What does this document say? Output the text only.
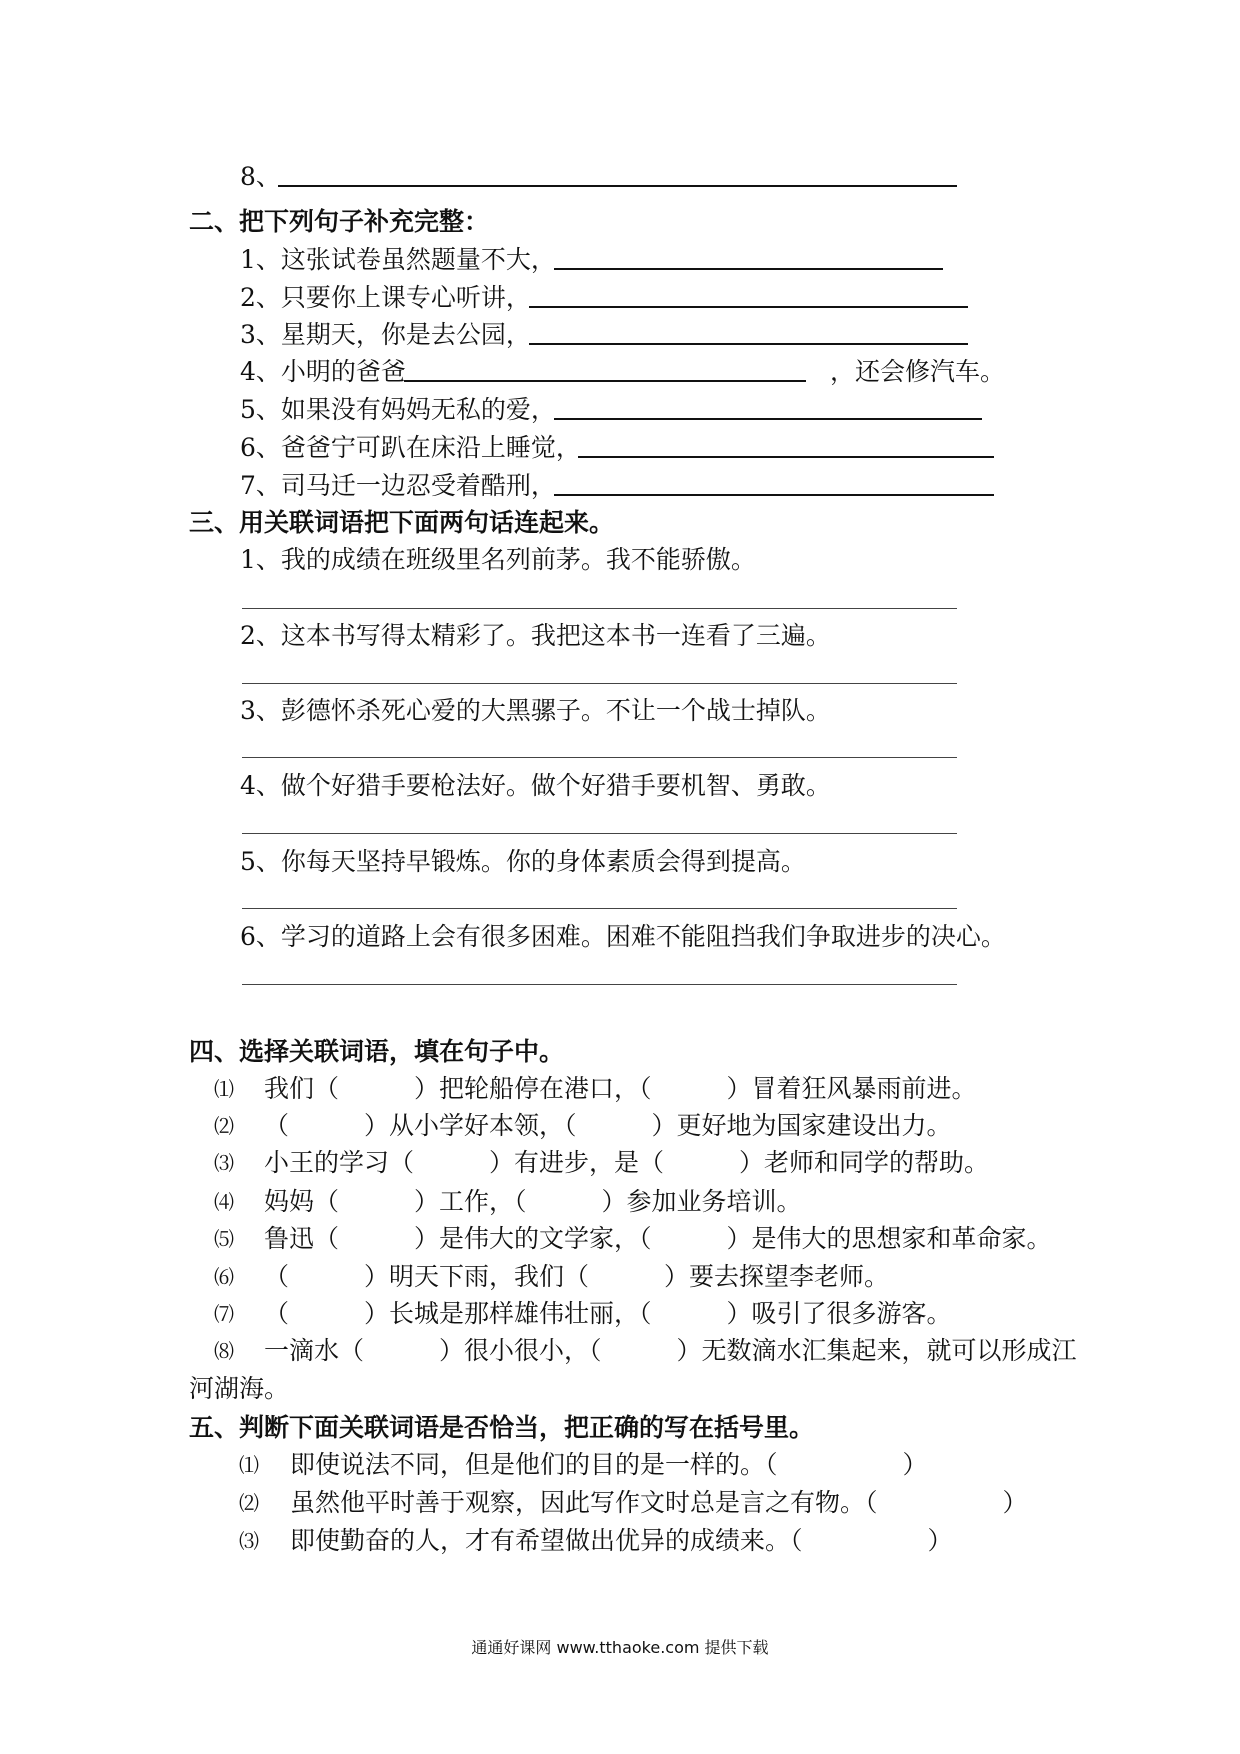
8、
二、把下列句子补充完整：
1、这张试卷虽然题量不大，
2、只要你上课专心听讲，
3、星期天，你是去公园，
4、小明的爸爸	，还会修汽车。
5、如果没有妈妈无私的爱，
6、爸爸宁可趴在床沿上睡觉，
7、司马迁一边忍受着酷刑，
三、用关联词语把下面两句话连起来。
1、我的成绩在班级里名列前茅。我不能骄傲。
2、这本书写得太精彩了。我把这本书一连看了三遍。
3、彭德怀杀死心爱的大黑骡子。不让一个战士掉队。
4、做个好猎手要枪法好。做个好猎手要机智、勇敢。
5、你每天坚持早锻炼。你的身体素质会得到提高。
6、学习的道路上会有很多困难。困难不能阻挡我们争取进步的决心。
四、选择关联词语，填在句子中。
⑴ 我们（　　　）把轮船停在港口，（　　　）冒着狂风暴雨前进。
⑵ （　　　）从小学好本领，（　　　）更好地为国家建设出力。
⑶ 小王的学习（　　　）有进步，是（　　　）老师和同学的帮助。
⑷ 妈妈（　　　）工作，（　　　）参加业务培训。
⑸ 鲁迅（　　　）是伟大的文学家，（　　　）是伟大的思想家和革命家。
⑹ （　　　）明天下雨，我们（　　　）要去探望李老师。
⑺ （　　　）长城是那样雄伟壮丽，（　　　）吸引了很多游客。
⑻ 一滴水（　　　）很小很小，（　　　）无数滴水汇集起来，就可以形成江
河湖海。
五、判断下面关联词语是否恰当，把正确的写在括号里。
⑴ 即使说法不同，但是他们的目的是一样的。（　　　　　）
⑵ 虽然他平时善于观察，因此写作文时总是言之有物。（　　　　　）
⑶ 即使勤奋的人，才有希望做出优异的成绩来。（　　　　　）
通通好课网 www.tthaoke.com 提供下载
